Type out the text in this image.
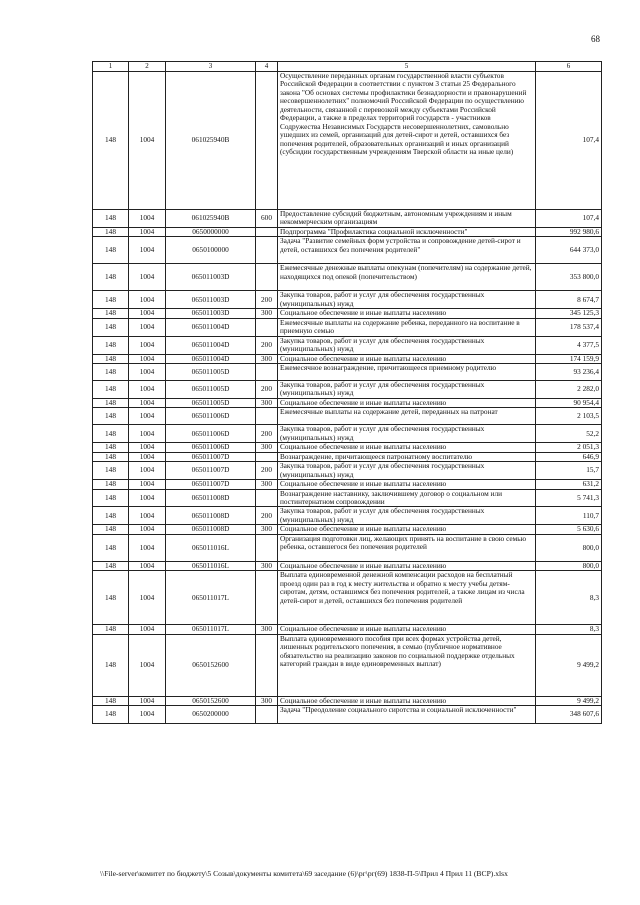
68
1	2	3	4	5	6
148	1004	061025940В		Осуществление переданных органам государственной власти субъектов Российской Федерации в соответствии с пунктом 3 статьи 25 Федерального закона "Об основах системы профилактики безнадзорности и правонарушений несовершеннолетних" полномочий Российской Федерации по осуществлению деятельности, связанной с перевозкой между субъектами Российской Федерации, а также в пределах территорий государств - участников Содружества Независимых Государств несовершеннолетних, самовольно ушедших из семей, организаций для детей-сирот и детей, оставшихся без попечения родителей, образовательных организаций и иных организаций (субсидии государственным учреждениям Тверской области на иные цели)	107,4
148	1004	061025940В	600	Предоставление субсидий бюджетным, автономным учреждениям и иным некоммерческим организациям	107,4
148	1004	0650000000		Подпрограмма "Профилактика социальной исключенности"	992 980,6
148	1004	0650100000		Задача "Развитие семейных форм устройства и сопровождение детей-сирот и детей, оставшихся без попечения родителей"	644 373,0
148	1004	065011003D		Ежемесячные денежные выплаты опекунам (попечителям) на содержание детей, находящихся под опекой (попечительством)	353 800,0
148	1004	065011003D	200	Закупка товаров, работ и услуг для обеспечения государственных (муниципальных) нужд	8 674,7
148	1004	065011003D	300	Социальное обеспечение и иные выплаты населению	345 125,3
148	1004	065011004D		Ежемесячные выплаты на содержание ребенка, переданного на воспитание в приемную семью	178 537,4
148	1004	065011004D	200	Закупка товаров, работ и услуг для обеспечения государственных (муниципальных) нужд	4 377,5
148	1004	065011004D	300	Социальное обеспечение и иные выплаты населению	174 159,9
148	1004	065011005D		Ежемесячное вознаграждение, причитающееся приемному родителю	93 236,4
148	1004	065011005D	200	Закупка товаров, работ и услуг для обеспечения государственных (муниципальных) нужд	2 282,0
148	1004	065011005D	300	Социальное обеспечение и иные выплаты населению	90 954,4
148	1004	065011006D		Ежемесячные выплаты на содержание детей, переданных на патронат	2 103,5
148	1004	065011006D	200	Закупка товаров, работ и услуг для обеспечения государственных (муниципальных) нужд	52,2
148	1004	065011006D	300	Социальное обеспечение и иные выплаты населению	2 051,3
148	1004	065011007D		Вознаграждение, причитающееся патронатному воспитателю	646,9
148	1004	065011007D	200	Закупка товаров, работ и услуг для обеспечения государственных (муниципальных) нужд	15,7
148	1004	065011007D	300	Социальное обеспечение и иные выплаты населению	631,2
148	1004	065011008D		Вознаграждение наставнику, заключившему договор о социальном или постинтернатном сопровождении	5 741,3
148	1004	065011008D	200	Закупка товаров, работ и услуг для обеспечения государственных (муниципальных) нужд	110,7
148	1004	065011008D	300	Социальное обеспечение и иные выплаты населению	5 630,6
148	1004	065011016L		Организация подготовки лиц, желающих принять на воспитание в свою семью ребенка, оставшегося без попечения родителей	800,0
148	1004	065011016L	300	Социальное обеспечение и иные выплаты населению	800,0
148	1004	065011017L		Выплата единовременной денежной компенсации расходов на бесплатный проезд один раз в год к месту жительства и обратно к месту учебы детям-сиротам, детям, оставшимся без попечения родителей, а также лицам из числа детей-сирот и детей, оставшихся без попечения родителей	8,3
148	1004	065011017L	300	Социальное обеспечение и иные выплаты населению	8,3
148	1004	0650152600		Выплата единовременного пособия при всех формах устройства детей, лишенных родительского попечения, в семью (публичное нормативное обязательство на реализацию законов по социальной поддержке отдельных категорий граждан в виде единовременных выплат)	9 499,2
148	1004	0650152600	300	Социальное обеспечение и иные выплаты населению	9 499,2
148	1004	0650200000		Задача "Преодоление социального сиротства и социальной исключенности"	348 607,6
\\File-server\комитет по бюджету\5 Созыв\документы комитета\69 заседание (6)\рг\рг(69) 1838-П-5\Прил 4 Прил 11 (ВСР).xlsx
